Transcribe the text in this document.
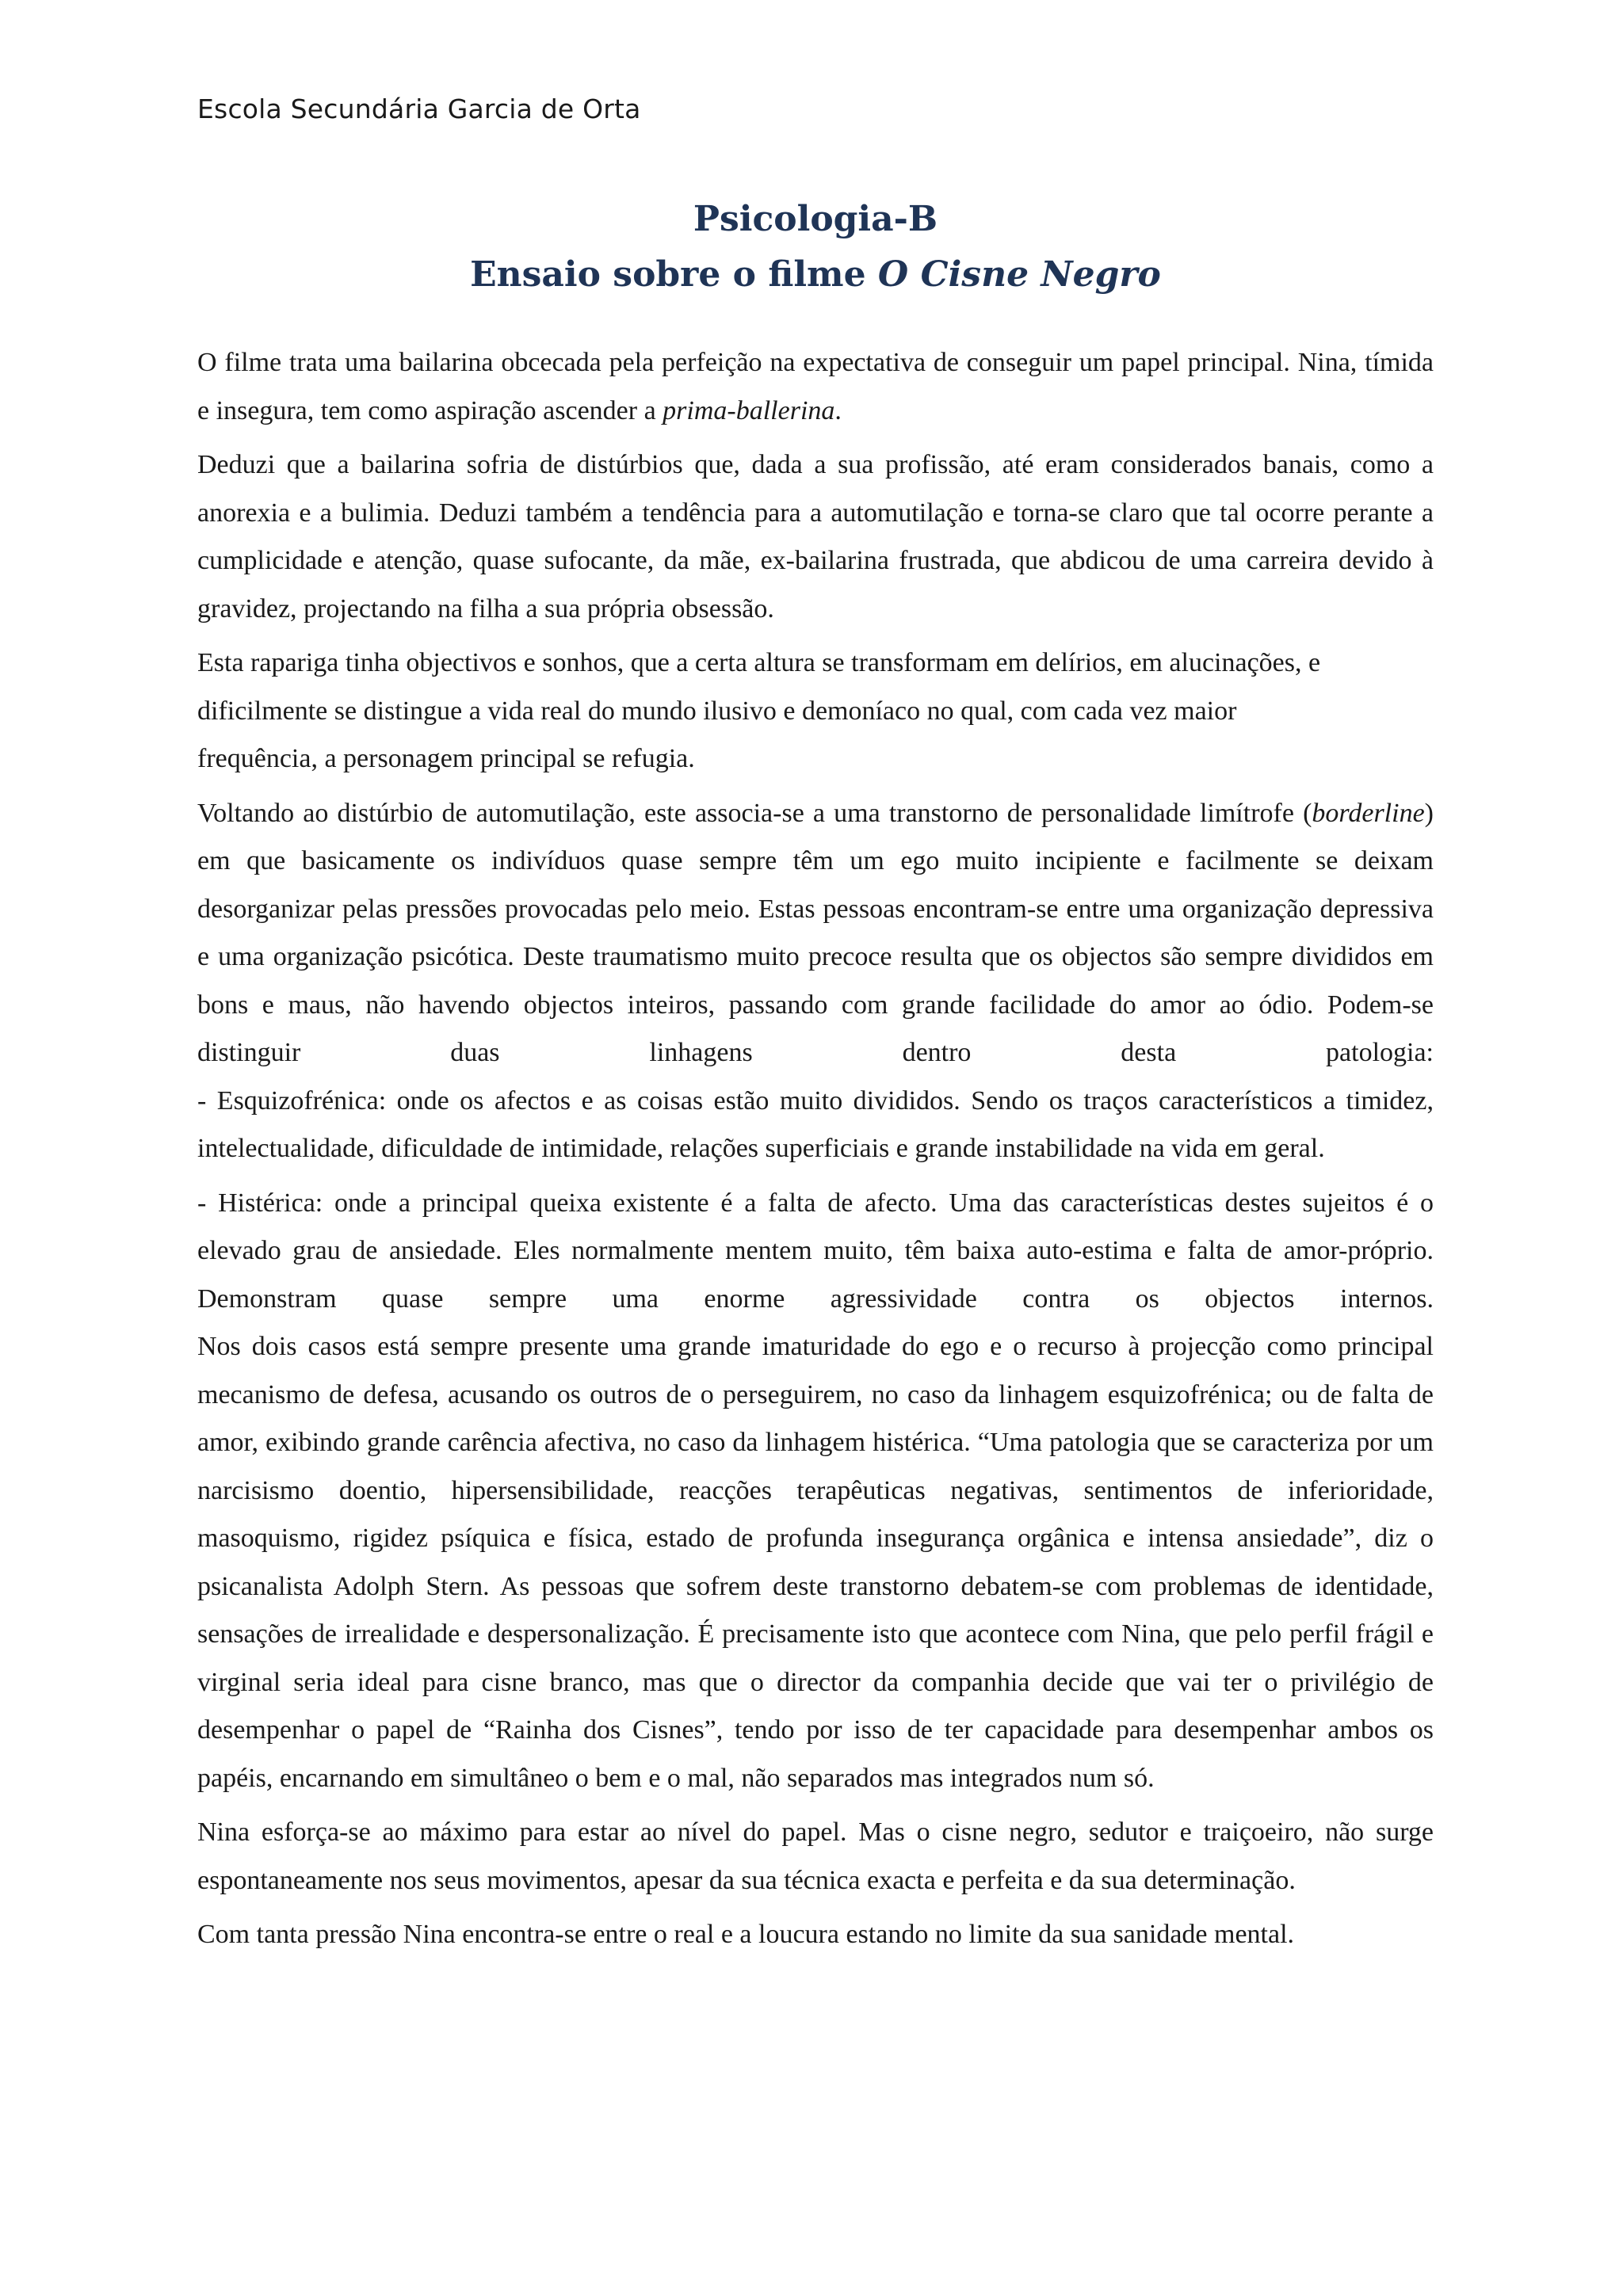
Escola Secundária Garcia de Orta
Psicologia-B
Ensaio sobre o filme O Cisne Negro

O filme trata uma bailarina obcecada pela perfeição na expectativa de conseguir um papel principal. Nina, tímida e insegura, tem como aspiração ascender a prima-ballerina.

Deduzi que a bailarina sofria de distúrbios que, dada a sua profissão, até eram considerados banais, como a anorexia e a bulimia. Deduzi também a tendência para a automutilação e torna-se claro que tal ocorre perante a cumplicidade e atenção, quase sufocante, da mãe, ex-bailarina frustrada, que abdicou de uma carreira devido à gravidez, projectando na filha a sua própria obsessão.

Esta rapariga tinha objectivos e sonhos, que a certa altura se transformam em delírios, em alucinações, e
dificilmente se distingue a vida real do mundo ilusivo e demoníaco no qual, com cada vez maior
frequência, a personagem principal se refugia.

Voltando ao distúrbio de automutilação, este associa-se a uma transtorno de personalidade limítrofe (borderline) em que basicamente os indivíduos quase sempre têm um ego muito incipiente e facilmente se deixam desorganizar pelas pressões provocadas pelo meio. Estas pessoas encontram-se entre uma organização depressiva e uma organização psicótica. Deste traumatismo muito precoce resulta que os objectos são sempre divididos em bons e maus, não havendo objectos inteiros, passando com grande facilidade do amor ao ódio. Podem-se distinguir duas linhagens dentro desta patologia:
- Esquizofrénica: onde os afectos e as coisas estão muito divididos. Sendo os traços característicos a timidez, intelectualidade, dificuldade de intimidade, relações superficiais e grande instabilidade na vida em geral.

- Histérica: onde a principal queixa existente é a falta de afecto. Uma das características destes sujeitos é o elevado grau de ansiedade. Eles normalmente mentem muito, têm baixa auto-estima e falta de amor-próprio. Demonstram quase sempre uma enorme agressividade contra os objectos internos.
Nos dois casos está sempre presente uma grande imaturidade do ego e o recurso à projecção como principal mecanismo de defesa, acusando os outros de o perseguirem, no caso da linhagem esquizofrénica; ou de falta de amor, exibindo grande carência afectiva, no caso da linhagem histérica. “Uma patologia que se caracteriza por um narcisismo doentio, hipersensibilidade, reacções terapêuticas negativas, sentimentos de inferioridade, masoquismo, rigidez psíquica e física, estado de profunda insegurança orgânica e intensa ansiedade”, diz o psicanalista Adolph Stern. As pessoas que sofrem deste transtorno debatem-se com problemas de identidade, sensações de irrealidade e despersonalização. É precisamente isto que acontece com Nina, que pelo perfil frágil e virginal seria ideal para cisne branco, mas que o director da companhia decide que vai ter o privilégio de desempenhar o papel de “Rainha dos Cisnes”, tendo por isso de ter capacidade para desempenhar ambos os papéis, encarnando em simultâneo o bem e o mal, não separados mas integrados num só.

Nina esforça-se ao máximo para estar ao nível do papel. Mas o cisne negro, sedutor e traiçoeiro, não surge espontaneamente nos seus movimentos, apesar da sua técnica exacta e perfeita e da sua determinação.

Com tanta pressão Nina encontra-se entre o real e a loucura estando no limite da sua sanidade mental.
